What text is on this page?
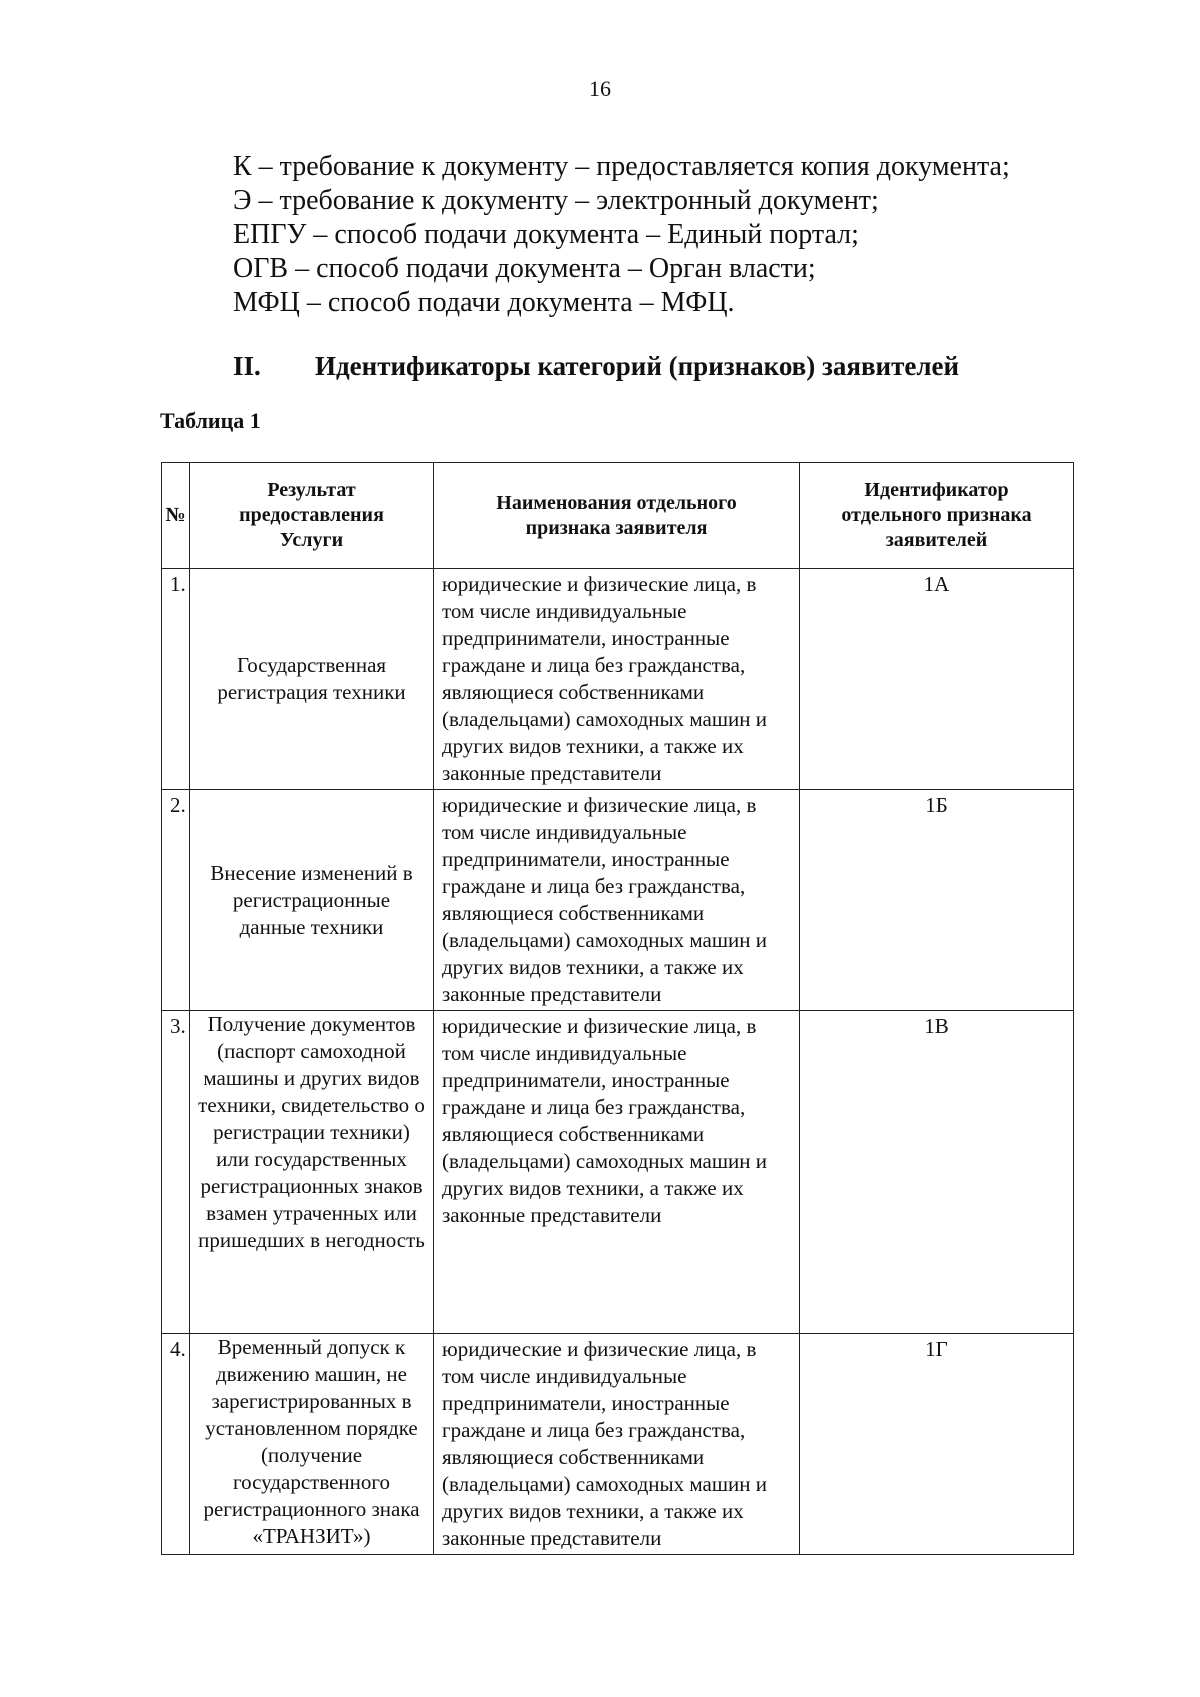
16
К – требование к документу – предоставляется копия документа;
Э – требование к документу – электронный документ;
ЕПГУ – способ подачи документа – Единый портал;
ОГВ – способ подачи документа – Орган власти;
МФЦ – способ подачи документа – МФЦ.
II. Идентификаторы категорий (признаков) заявителей
Таблица 1
№	Результат предоставления Услуги	Наименования отдельного признака заявителя	Идентификатор отдельного признака заявителей
1.	Государственная регистрация техники	юридические и физические лица, в том числе индивидуальные предприниматели, иностранные граждане и лица без гражданства, являющиеся собственниками (владельцами) самоходных машин и других видов техники, а также их законные представители	1А
2.	Внесение изменений в регистрационные данные техники	юридические и физические лица, в том числе индивидуальные предприниматели, иностранные граждане и лица без гражданства, являющиеся собственниками (владельцами) самоходных машин и других видов техники, а также их законные представители	1Б
3.	Получение документов (паспорт самоходной машины и других видов техники, свидетельство о регистрации техники) или государственных регистрационных знаков взамен утраченных или пришедших в негодность	юридические и физические лица, в том числе индивидуальные предприниматели, иностранные граждане и лица без гражданства, являющиеся собственниками (владельцами) самоходных машин и других видов техники, а также их законные представители	1В
4.	Временный допуск к движению машин, не зарегистрированных в установленном порядке (получение государственного регистрационного знака «ТРАНЗИТ»)	юридические и физические лица, в том числе индивидуальные предприниматели, иностранные граждане и лица без гражданства, являющиеся собственниками (владельцами) самоходных машин и других видов техники, а также их законные представители	1Г
